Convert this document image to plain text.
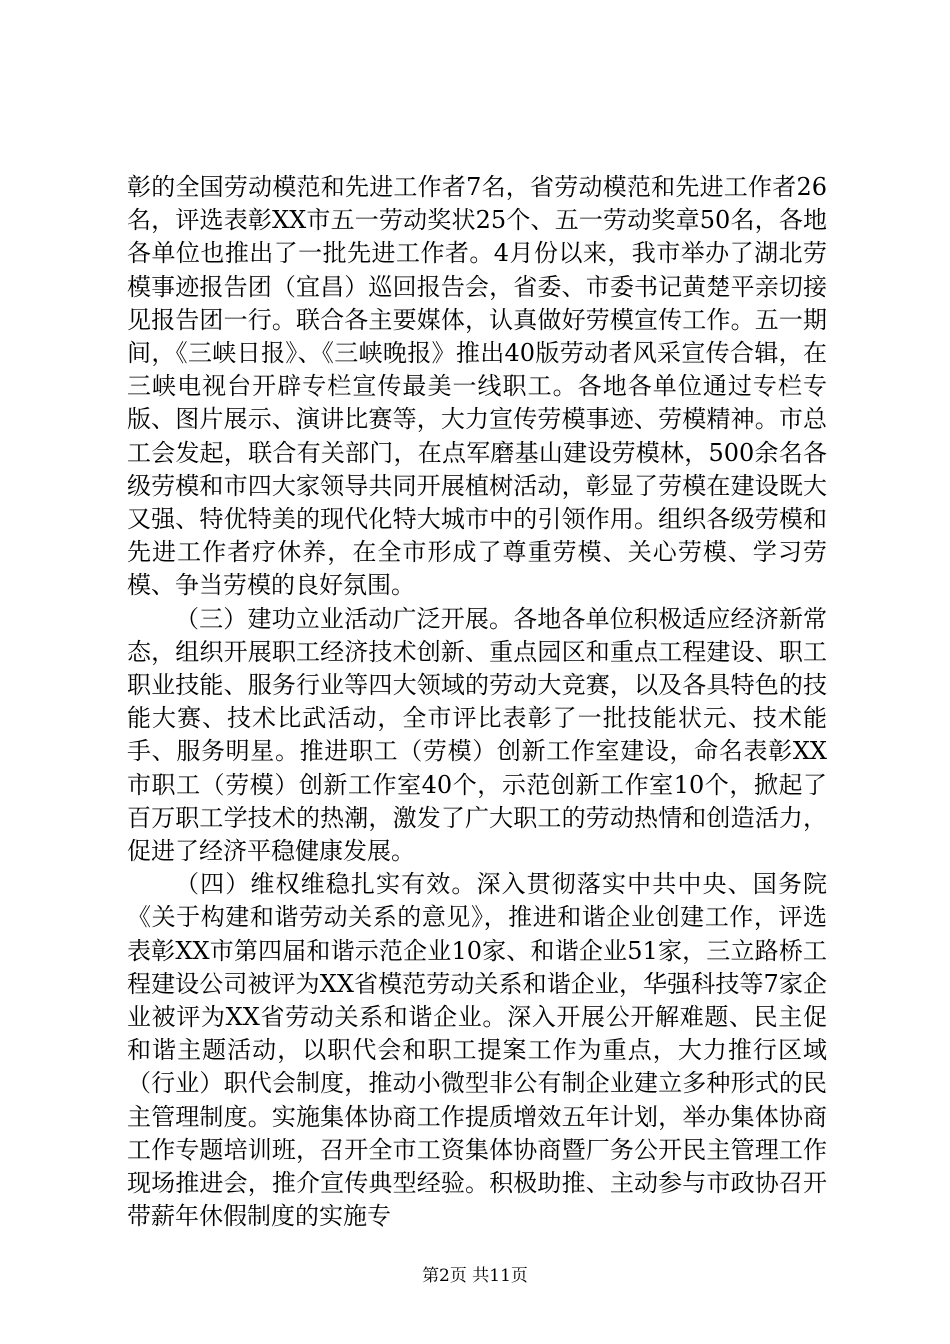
彰的全国劳动模范和先进工作者7名，省劳动模范和先进工作者26名，评选表彰XX市五一劳动奖状25个、五一劳动奖章50名，各地各单位也推出了一批先进工作者。4月份以来，我市举办了湖北劳模事迹报告团（宜昌）巡回报告会，省委、市委书记黄楚平亲切接见报告团一行。联合各主要媒体，认真做好劳模宣传工作。五一期间，《三峡日报》、《三峡晚报》推出40版劳动者风采宣传合辑，在三峡电视台开辟专栏宣传最美一线职工。各地各单位通过专栏专版、图片展示、演讲比赛等，大力宣传劳模事迹、劳模精神。市总工会发起，联合有关部门，在点军磨基山建设劳模林，500余名各级劳模和市四大家领导共同开展植树活动，彰显了劳模在建设既大又强、特优特美的现代化特大城市中的引领作用。组织各级劳模和先进工作者疗休养，在全市形成了尊重劳模、关心劳模、学习劳模、争当劳模的良好氛围。

（三）建功立业活动广泛开展。各地各单位积极适应经济新常态，组织开展职工经济技术创新、重点园区和重点工程建设、职工职业技能、服务行业等四大领域的劳动大竞赛，以及各具特色的技能大赛、技术比武活动，全市评比表彰了一批技能状元、技术能手、服务明星。推进职工（劳模）创新工作室建设，命名表彰XX市职工（劳模）创新工作室40个，示范创新工作室10个，掀起了百万职工学技术的热潮，激发了广大职工的劳动热情和创造活力，促进了经济平稳健康发展。

（四）维权维稳扎实有效。深入贯彻落实中共中央、国务院《关于构建和谐劳动关系的意见》，推进和谐企业创建工作，评选表彰XX市第四届和谐示范企业10家、和谐企业51家，三立路桥工程建设公司被评为XX省模范劳动关系和谐企业，华强科技等7家企业被评为XX省劳动关系和谐企业。深入开展公开解难题、民主促和谐主题活动，以职代会和职工提案工作为重点，大力推行区域（行业）职代会制度，推动小微型非公有制企业建立多种形式的民主管理制度。实施集体协商工作提质增效五年计划，举办集体协商工作专题培训班，召开全市工资集体协商暨厂务公开民主管理工作现场推进会，推介宣传典型经验。积极助推、主动参与市政协召开带薪年休假制度的实施专

第2页 共11页
